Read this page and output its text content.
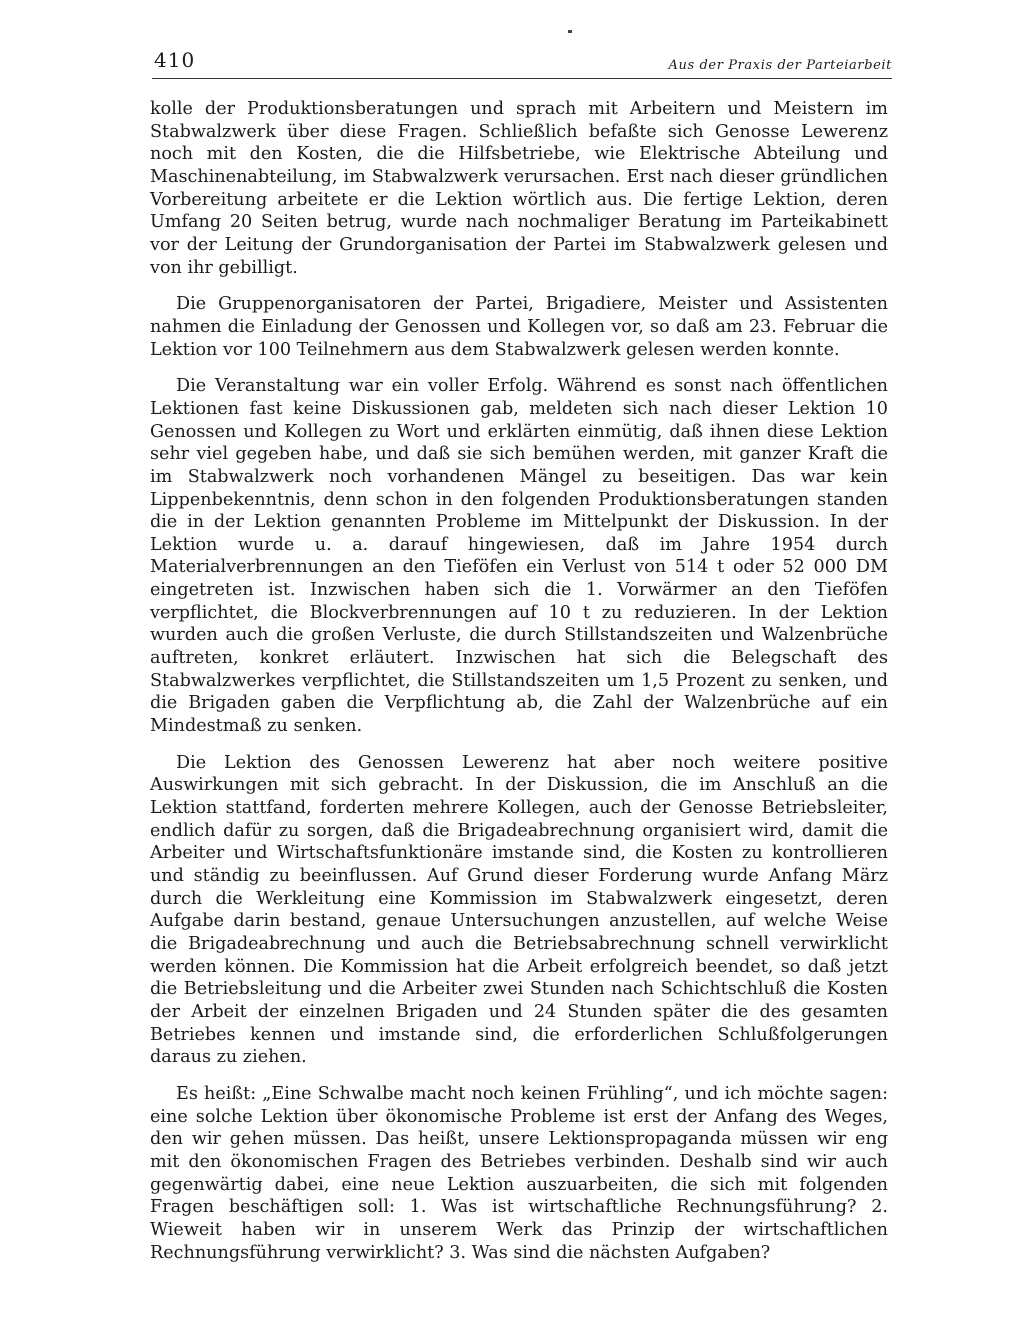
410	Aus der Praxis der Parteiarbeit

kolle der Produktionsberatungen und sprach mit Arbeitern und Meistern im Stabwalzwerk über diese Fragen. Schließlich befaßte sich Genosse Lewerenz noch mit den Kosten, die die Hilfsbetriebe, wie Elektrische Abteilung und Maschinenabteilung, im Stabwalzwerk verursachen. Erst nach dieser gründlichen Vorbereitung arbeitete er die Lektion wörtlich aus. Die fertige Lektion, deren Umfang 20 Seiten betrug, wurde nach nochmaliger Beratung im Parteikabinett vor der Leitung der Grundorganisation der Partei im Stabwalzwerk gelesen und von ihr gebilligt.

Die Gruppenorganisatoren der Partei, Brigadiere, Meister und Assistenten nahmen die Einladung der Genossen und Kollegen vor, so daß am 23. Februar die Lektion vor 100 Teilnehmern aus dem Stabwalzwerk gelesen werden konnte.

Die Veranstaltung war ein voller Erfolg. Während es sonst nach öffentlichen Lektionen fast keine Diskussionen gab, meldeten sich nach dieser Lektion 10 Genossen und Kollegen zu Wort und erklärten einmütig, daß ihnen diese Lektion sehr viel gegeben habe, und daß sie sich bemühen werden, mit ganzer Kraft die im Stabwalzwerk noch vorhandenen Mängel zu beseitigen. Das war kein Lippenbekenntnis, denn schon in den folgenden Produktionsberatungen standen die in der Lektion genannten Probleme im Mittelpunkt der Diskussion. In der Lektion wurde u. a. darauf hingewiesen, daß im Jahre 1954 durch Materialverbrennungen an den Tieföfen ein Verlust von 514 t oder 52 000 DM eingetreten ist. Inzwischen haben sich die 1. Vorwärmer an den Tieföfen verpflichtet, die Blockverbrennungen auf 10 t zu reduzieren. In der Lektion wurden auch die großen Verluste, die durch Stillstandszeiten und Walzenbrüche auftreten, konkret erläutert. Inzwischen hat sich die Belegschaft des Stabwalzwerkes verpflichtet, die Stillstandszeiten um 1,5 Prozent zu senken, und die Brigaden gaben die Verpflichtung ab, die Zahl der Walzenbrüche auf ein Mindestmaß zu senken.

Die Lektion des Genossen Lewerenz hat aber noch weitere positive Auswirkungen mit sich gebracht. In der Diskussion, die im Anschluß an die Lektion stattfand, forderten mehrere Kollegen, auch der Genosse Betriebsleiter, endlich dafür zu sorgen, daß die Brigadeabrechnung organisiert wird, damit die Arbeiter und Wirtschaftsfunktionäre imstande sind, die Kosten zu kontrollieren und ständig zu beeinflussen. Auf Grund dieser Forderung wurde Anfang März durch die Werkleitung eine Kommission im Stabwalzwerk eingesetzt, deren Aufgabe darin bestand, genaue Untersuchungen anzustellen, auf welche Weise die Brigadeabrechnung und auch die Betriebsabrechnung schnell verwirklicht werden können. Die Kommission hat die Arbeit erfolgreich beendet, so daß jetzt die Betriebsleitung und die Arbeiter zwei Stunden nach Schichtschluß die Kosten der Arbeit der einzelnen Brigaden und 24 Stunden später die des gesamten Betriebes kennen und imstande sind, die erforderlichen Schlußfolgerungen daraus zu ziehen.

Es heißt: „Eine Schwalbe macht noch keinen Frühling“, und ich möchte sagen: eine solche Lektion über ökonomische Probleme ist erst der Anfang des Weges, den wir gehen müssen. Das heißt, unsere Lektionspropaganda müssen wir eng mit den ökonomischen Fragen des Betriebes verbinden. Deshalb sind wir auch gegenwärtig dabei, eine neue Lektion auszuarbeiten, die sich mit folgenden Fragen beschäftigen soll: 1. Was ist wirtschaftliche Rechnungsführung? 2. Wieweit haben wir in unserem Werk das Prinzip der wirtschaftlichen Rechnungsführung verwirklicht? 3. Was sind die nächsten Aufgaben?
